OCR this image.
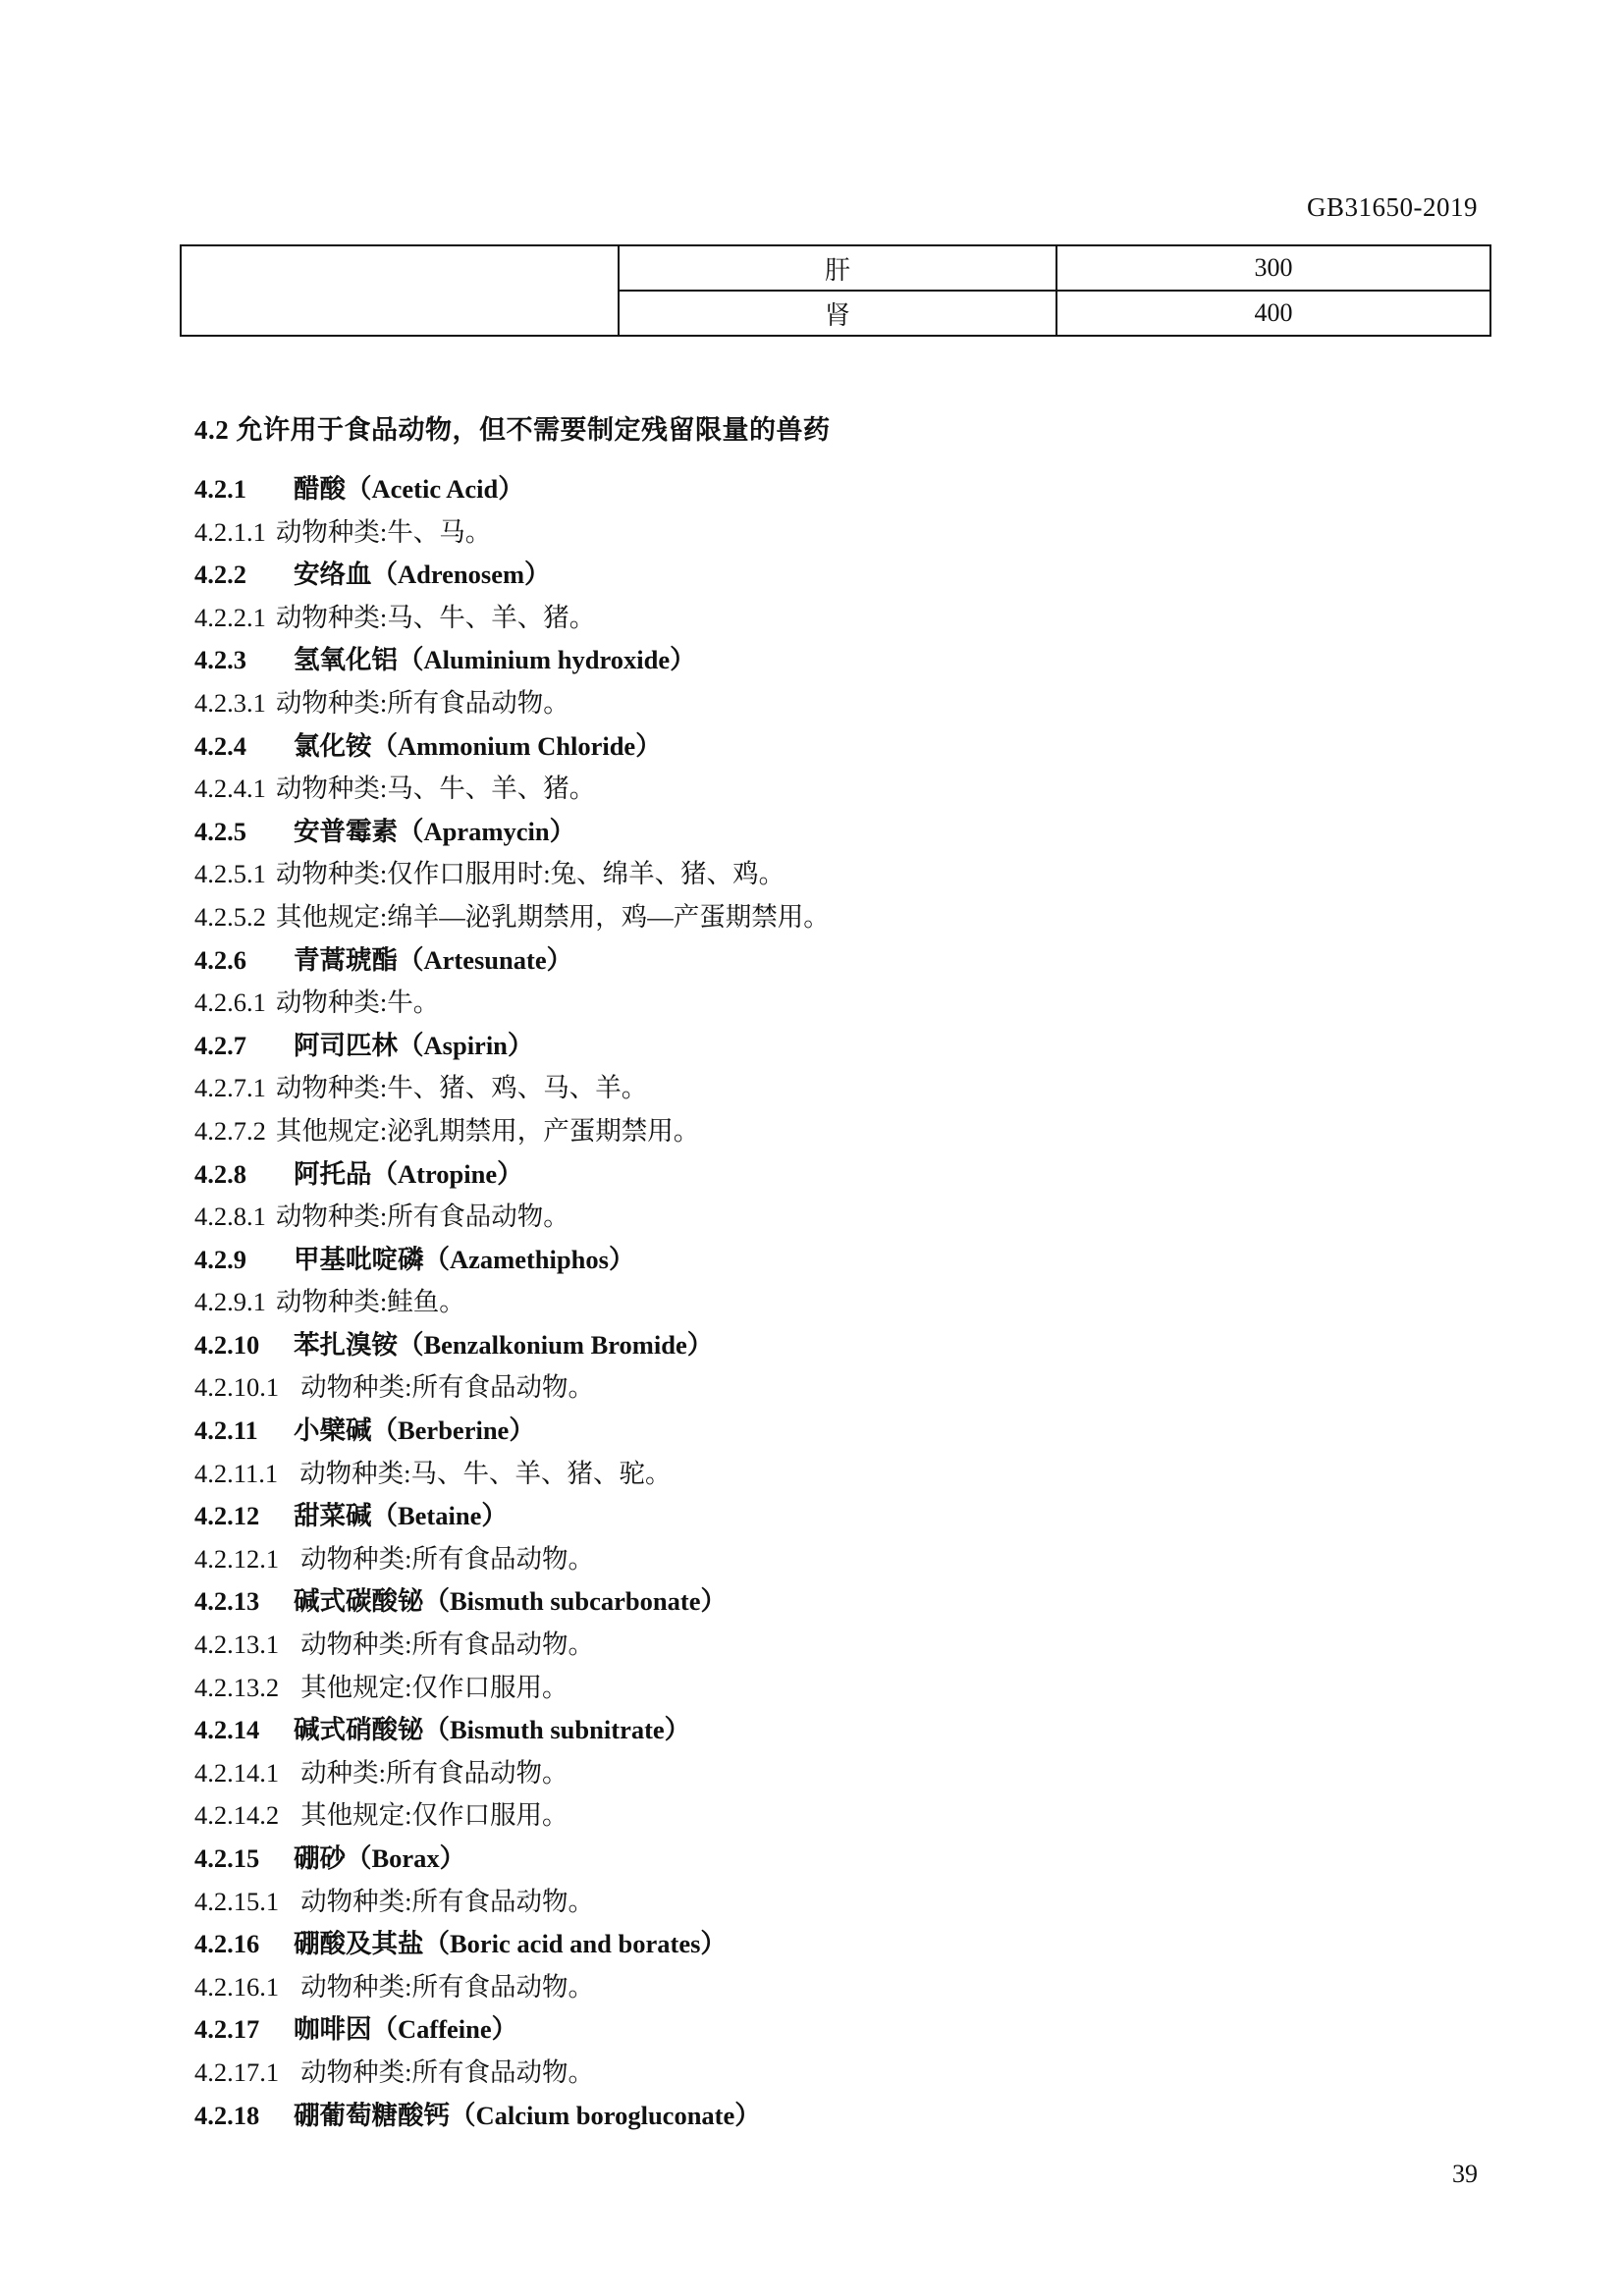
GB31650-2019
	肝	300
	肾	400
4.2 允许用于食品动物，但不需要制定残留限量的兽药
4.2.1 醋酸（Acetic Acid）
4.2.1.1 动物种类:牛、马。
4.2.2 安络血（Adrenosem）
4.2.2.1 动物种类:马、牛、羊、猪。
4.2.3 氢氧化铝（Aluminium hydroxide）
4.2.3.1 动物种类:所有食品动物。
4.2.4 氯化铵（Ammonium Chloride）
4.2.4.1 动物种类:马、牛、羊、猪。
4.2.5 安普霉素（Apramycin）
4.2.5.1 动物种类:仅作口服用时:兔、绵羊、猪、鸡。
4.2.5.2 其他规定:绵羊—泌乳期禁用，鸡—产蛋期禁用。
4.2.6 青蒿琥酯（Artesunate）
4.2.6.1 动物种类:牛。
4.2.7 阿司匹林（Aspirin）
4.2.7.1 动物种类:牛、猪、鸡、马、羊。
4.2.7.2 其他规定:泌乳期禁用，产蛋期禁用。
4.2.8 阿托品（Atropine）
4.2.8.1 动物种类:所有食品动物。
4.2.9 甲基吡啶磷（Azamethiphos）
4.2.9.1 动物种类:鲑鱼。
4.2.10 苯扎溴铵（Benzalkonium Bromide）
4.2.10.1 动物种类:所有食品动物。
4.2.11 小檗碱（Berberine）
4.2.11.1 动物种类:马、牛、羊、猪、驼。
4.2.12 甜菜碱（Betaine）
4.2.12.1 动物种类:所有食品动物。
4.2.13 碱式碳酸铋（Bismuth subcarbonate）
4.2.13.1 动物种类:所有食品动物。
4.2.13.2 其他规定:仅作口服用。
4.2.14 碱式硝酸铋（Bismuth subnitrate）
4.2.14.1 动种类:所有食品动物。
4.2.14.2 其他规定:仅作口服用。
4.2.15 硼砂（Borax）
4.2.15.1 动物种类:所有食品动物。
4.2.16 硼酸及其盐（Boric acid and borates）
4.2.16.1 动物种类:所有食品动物。
4.2.17 咖啡因（Caffeine）
4.2.17.1 动物种类:所有食品动物。
4.2.18 硼葡萄糖酸钙（Calcium borogluconate）
39
